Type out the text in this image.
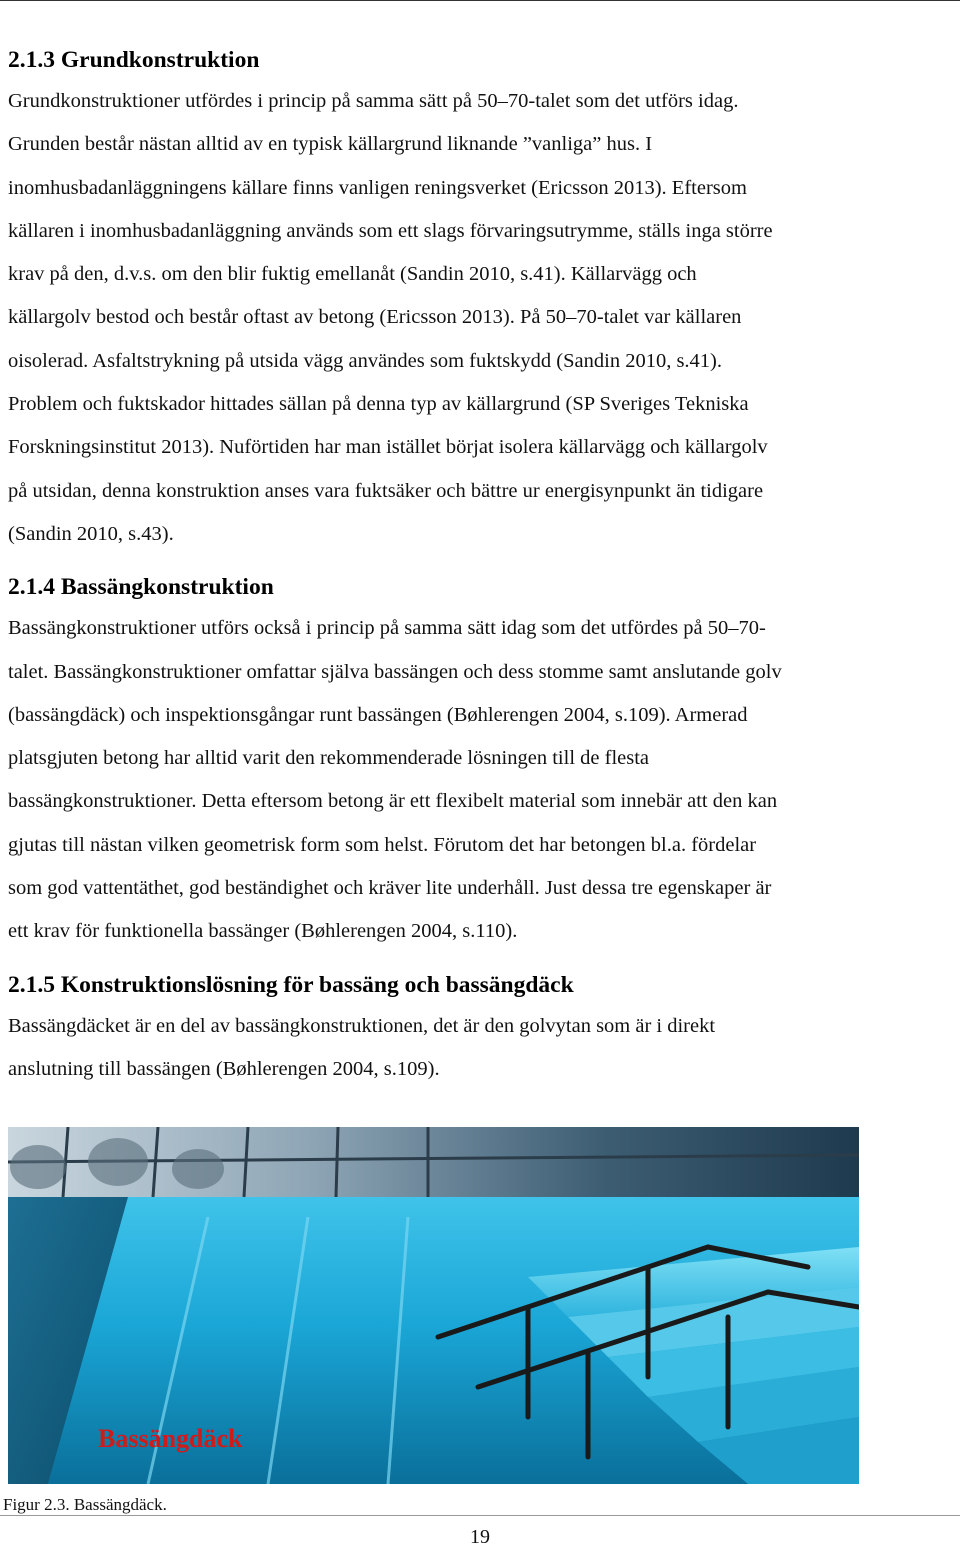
2.1.3 Grundkonstruktion
Grundkonstruktioner utfördes i princip på samma sätt på 50–70-talet som det utförs idag.
Grunden består nästan alltid av en typisk källargrund liknande ”vanliga” hus. I
inomhusbadanläggningens källare finns vanligen reningsverket (Ericsson 2013). Eftersom
källaren i inomhusbadanläggning används som ett slags förvaringsutrymme, ställs inga större
krav på den, d.v.s. om den blir fuktig emellanåt (Sandin 2010, s.41). Källarvägg och
källargolv bestod och består oftast av betong (Ericsson 2013). På 50–70-talet var källaren
oisolerad. Asfaltstrykning på utsida vägg användes som fuktskydd (Sandin 2010, s.41).
Problem och fuktskador hittades sällan på denna typ av källargrund (SP Sveriges Tekniska
Forskningsinstitut 2013). Nuförtiden har man istället börjat isolera källarvägg och källargolv
på utsidan, denna konstruktion anses vara fuktsäker och bättre ur energisynpunkt än tidigare
(Sandin 2010, s.43).
2.1.4 Bassängkonstruktion
Bassängkonstruktioner utförs också i princip på samma sätt idag som det utfördes på 50–70-
talet. Bassängkonstruktioner omfattar själva bassängen och dess stomme samt anslutande golv
(bassängdäck) och inspektionsgångar runt bassängen (Bøhlerengen 2004, s.109). Armerad
platsgjuten betong har alltid varit den rekommenderade lösningen till de flesta
bassängkonstruktioner. Detta eftersom betong är ett flexibelt material som innebär att den kan
gjutas till nästan vilken geometrisk form som helst. Förutom det har betongen bl.a. fördelar
som god vattentäthet, god beständighet och kräver lite underhåll. Just dessa tre egenskaper är
ett krav för funktionella bassänger (Bøhlerengen 2004, s.110).
2.1.5 Konstruktionslösning för bassäng och bassängdäck
Bassängdäcket är en del av bassängkonstruktionen, det är den golvytan som är i direkt
anslutning till bassängen (Bøhlerengen 2004, s.109).
Bassängdäck
Figur 2.3. Bassängdäck.
19
